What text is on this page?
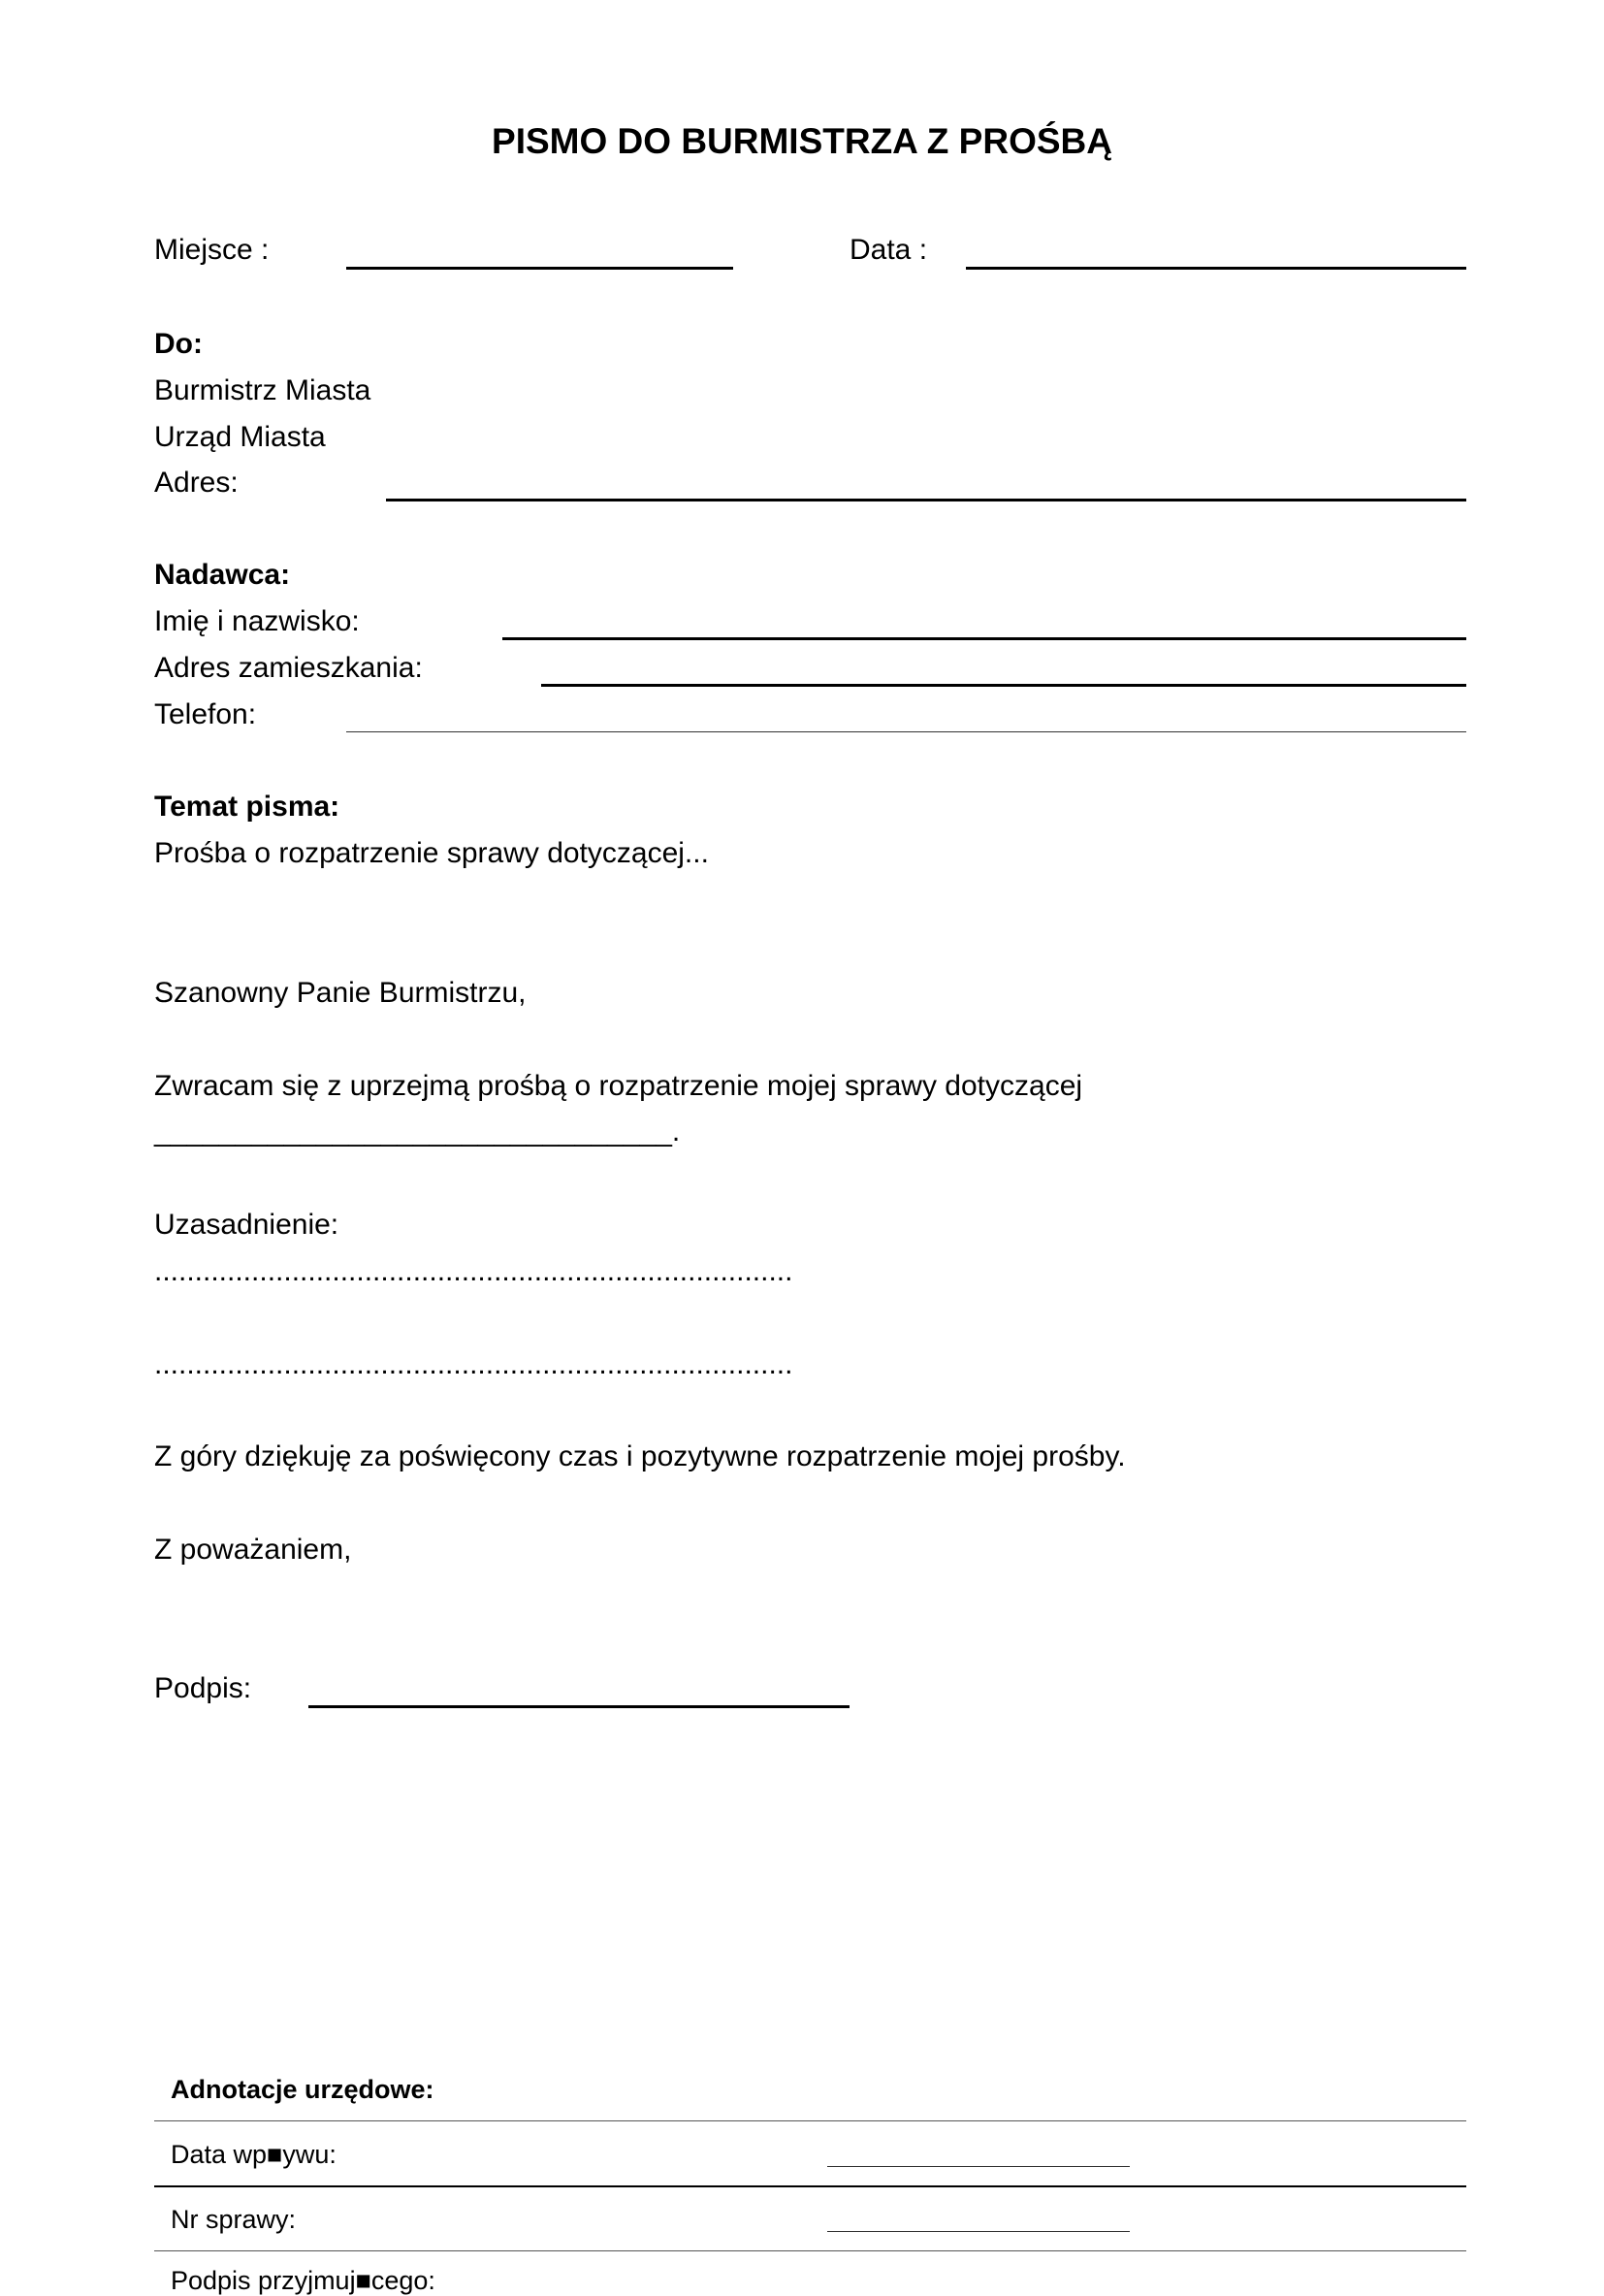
PISMO DO BURMISTRZA Z PROŚBĄ
Miejsce :	Data :
Do:
Burmistrz Miasta
Urząd Miasta
Adres:
Nadawca:
Imię i nazwisko:
Adres zamieszkania:
Telefon:
Temat pisma:
Prośba o rozpatrzenie sprawy dotyczącej...
Szanowny Panie Burmistrzu,
Zwracam się z uprzejmą prośbą o rozpatrzenie mojej sprawy dotyczącej
________________________________.
Uzasadnienie:
...............................................................................
...............................................................................
Z góry dziękuję za poświęcony czas i pozytywne rozpatrzenie mojej prośby.
Z poważaniem,
Podpis:
Adnotacje urzędowe:
Data wp■ywu:
Nr sprawy:
Podpis przyjmuj■cego:
